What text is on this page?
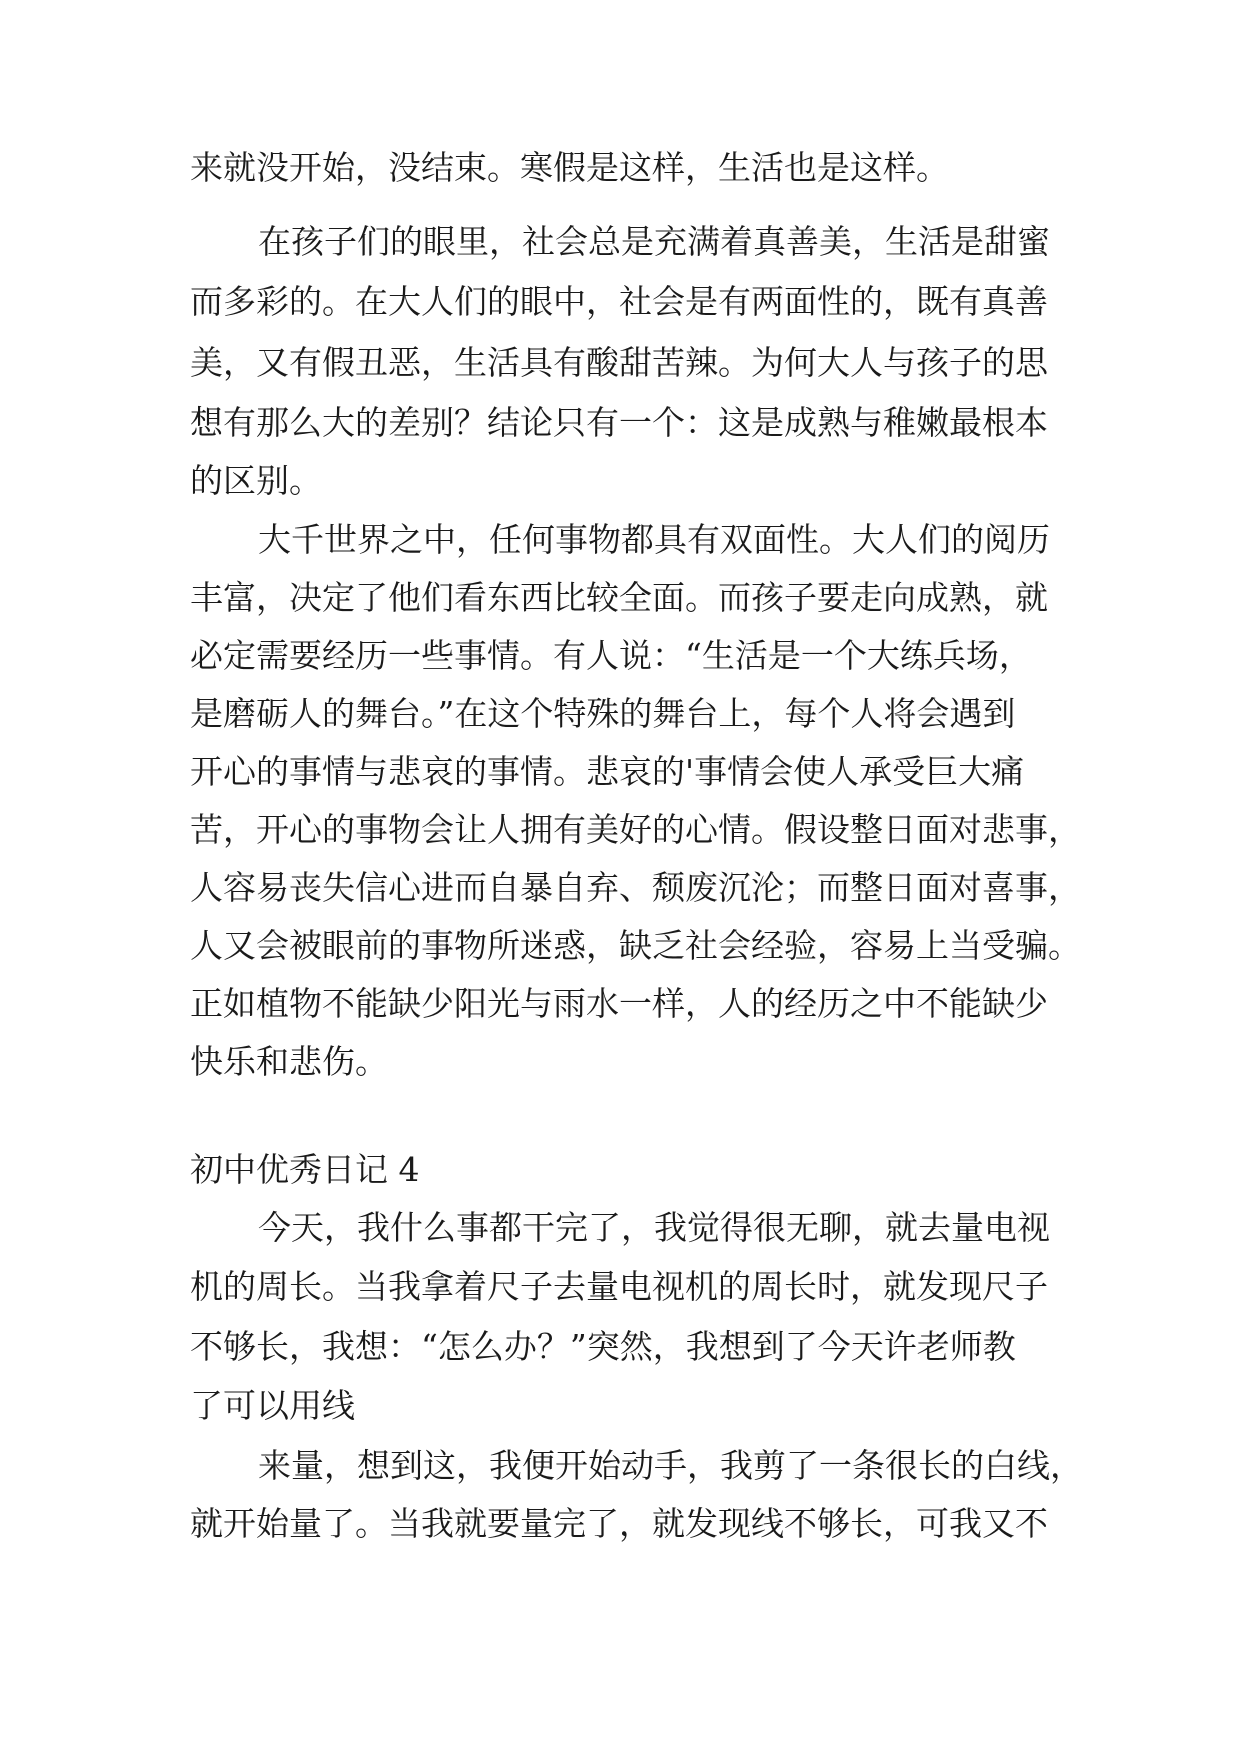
来就没开始，没结束。寒假是这样，生活也是这样。
在孩子们的眼里，社会总是充满着真善美，生活是甜蜜
而多彩的。在大人们的眼中，社会是有两面性的，既有真善
美，又有假丑恶，生活具有酸甜苦辣。为何大人与孩子的思
想有那么大的差别？结论只有一个：这是成熟与稚嫩最根本
的区别。
大千世界之中，任何事物都具有双面性。大人们的阅历
丰富，决定了他们看东西比较全面。而孩子要走向成熟，就
必定需要经历一些事情。有人说：“生活是一个大练兵场，
是磨砺人的舞台。”在这个特殊的舞台上，每个人将会遇到
开心的事情与悲哀的事情。悲哀的'事情会使人承受巨大痛
苦，开心的事物会让人拥有美好的心情。假设整日面对悲事，
人容易丧失信心进而自暴自弃、颓废沉沦；而整日面对喜事，
人又会被眼前的事物所迷惑，缺乏社会经验，容易上当受骗。
正如植物不能缺少阳光与雨水一样，人的经历之中不能缺少
快乐和悲伤。
初中优秀日记 4
今天，我什么事都干完了，我觉得很无聊，就去量电视
机的周长。当我拿着尺子去量电视机的周长时，就发现尺子
不够长，我想：“怎么办？”突然，我想到了今天许老师教
了可以用线
来量，想到这，我便开始动手，我剪了一条很长的白线，
就开始量了。当我就要量完了，就发现线不够长，可我又不
